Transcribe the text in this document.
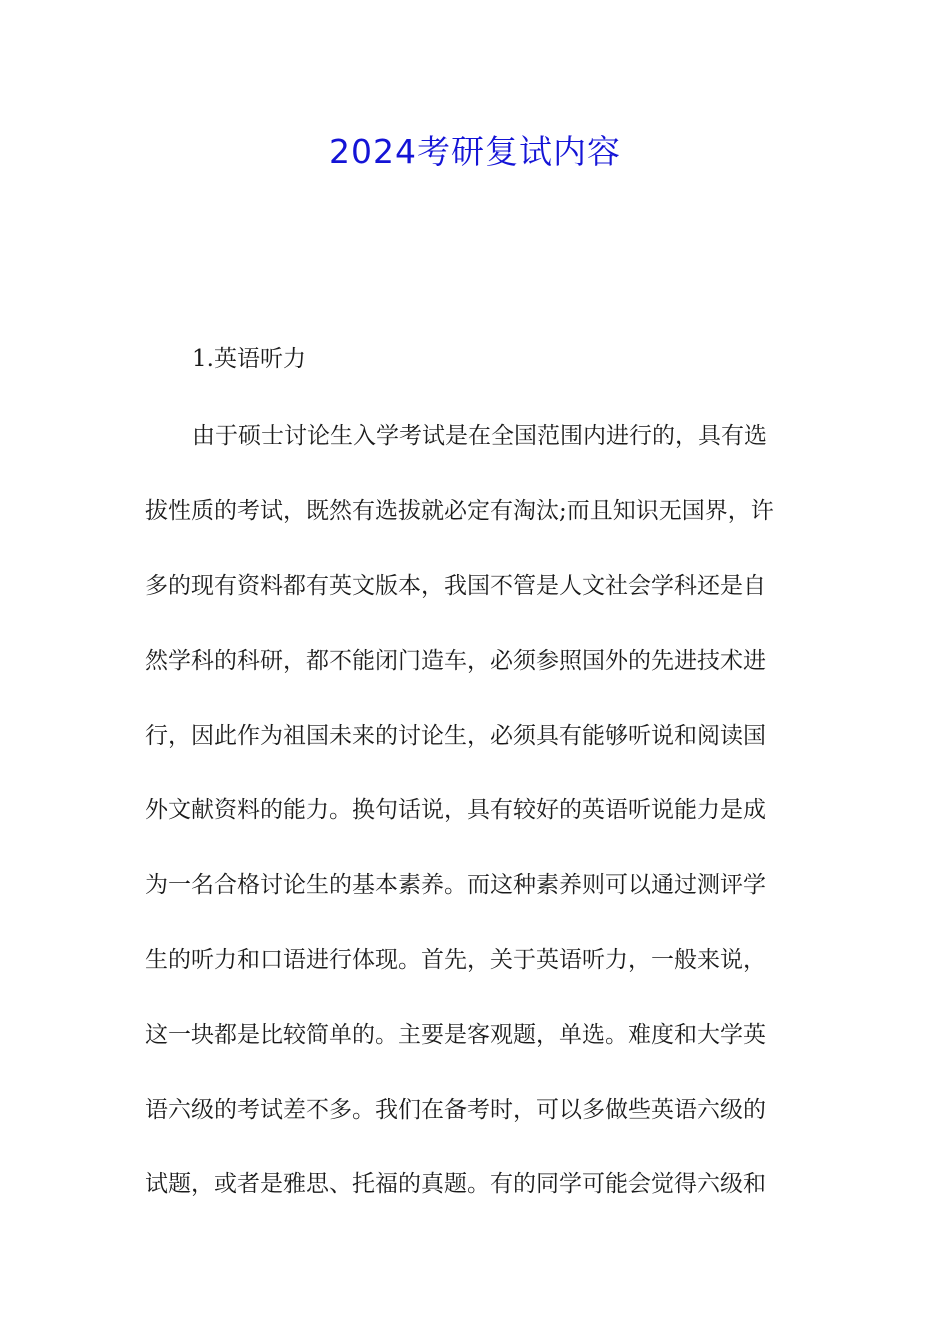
2024考研复试内容
1.英语听力
由于硕士讨论生入学考试是在全国范围内进行的，具有选
拔性质的考试，既然有选拔就必定有淘汰;而且知识无国界，许
多的现有资料都有英文版本，我国不管是人文社会学科还是自
然学科的科研，都不能闭门造车，必须参照国外的先进技术进
行，因此作为祖国未来的讨论生，必须具有能够听说和阅读国
外文献资料的能力。换句话说，具有较好的英语听说能力是成
为一名合格讨论生的基本素养。而这种素养则可以通过测评学
生的听力和口语进行体现。首先，关于英语听力，一般来说，
这一块都是比较简单的。主要是客观题，单选。难度和大学英
语六级的考试差不多。我们在备考时，可以多做些英语六级的
试题，或者是雅思、托福的真题。有的同学可能会觉得六级和
